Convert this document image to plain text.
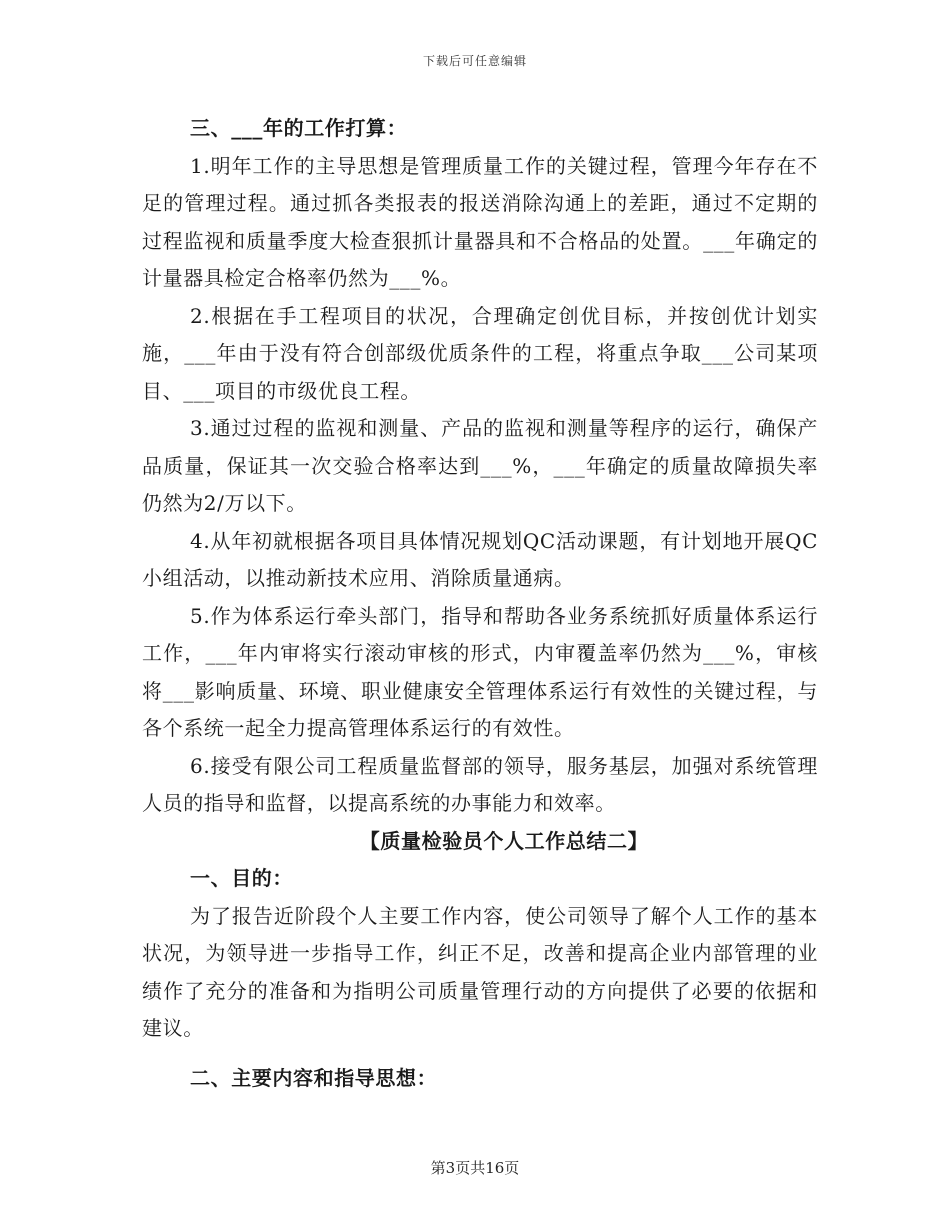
下载后可任意编辑

三、___年的工作打算：

1.明年工作的主导思想是管理质量工作的关键过程，管理今年存在不足的管理过程。通过抓各类报表的报送消除沟通上的差距，通过不定期的过程监视和质量季度大检查狠抓计量器具和不合格品的处置。___年确定的计量器具检定合格率仍然为___%。

2.根据在手工程项目的状况，合理确定创优目标，并按创优计划实施，___年由于没有符合创部级优质条件的工程，将重点争取___公司某项目、___项目的市级优良工程。

3.通过过程的监视和测量、产品的监视和测量等程序的运行，确保产品质量，保证其一次交验合格率达到___%，___年确定的质量故障损失率仍然为2/万以下。

4.从年初就根据各项目具体情况规划QC活动课题，有计划地开展QC小组活动，以推动新技术应用、消除质量通病。

5.作为体系运行牵头部门，指导和帮助各业务系统抓好质量体系运行工作，___年内审将实行滚动审核的形式，内审覆盖率仍然为___%，审核将___影响质量、环境、职业健康安全管理体系运行有效性的关键过程，与各个系统一起全力提高管理体系运行的有效性。

6.接受有限公司工程质量监督部的领导，服务基层，加强对系统管理人员的指导和监督，以提高系统的办事能力和效率。

【质量检验员个人工作总结二】

一、目的：

为了报告近阶段个人主要工作内容，使公司领导了解个人工作的基本状况，为领导进一步指导工作，纠正不足，改善和提高企业内部管理的业绩作了充分的准备和为指明公司质量管理行动的方向提供了必要的依据和建议。

二、主要内容和指导思想：

第3页共16页
